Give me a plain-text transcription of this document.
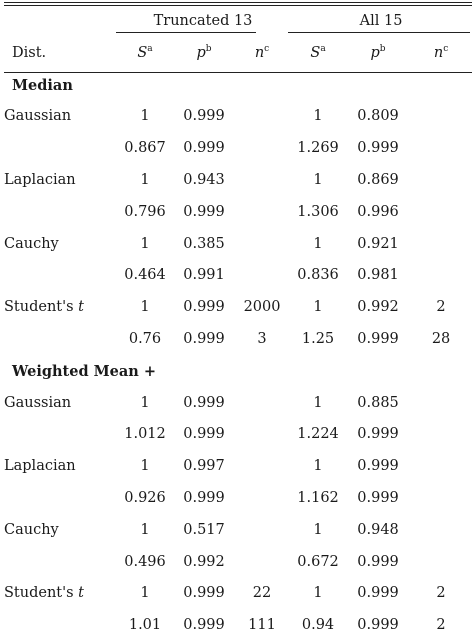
	Truncated 13			All 15		
Dist.	$S^a$	$p^b$	$n^c$	$S^a$	$p^b$	$n^c$
Median						
Gaussian	1	0.999		1	0.809	
	0.867	0.999		1.269	0.999	
Laplacian	1	0.943		1	0.869	
	0.796	0.999		1.306	0.996	
Cauchy	1	0.385		1	0.921	
	0.464	0.991		0.836	0.981	
Student's t	1	0.999	2000	1	0.992	2
	0.76	0.999	3	1.25	0.999	28
Weighted Mean +						
Gaussian	1	0.999		1	0.885	
	1.012	0.999		1.224	0.999	
Laplacian	1	0.997		1	0.999	
	0.926	0.999		1.162	0.999	
Cauchy	1	0.517		1	0.948	
	0.496	0.992		0.672	0.999	
Student's t	1	0.999	22	1	0.999	2
	1.01	0.999	111	0.94	0.999	2
